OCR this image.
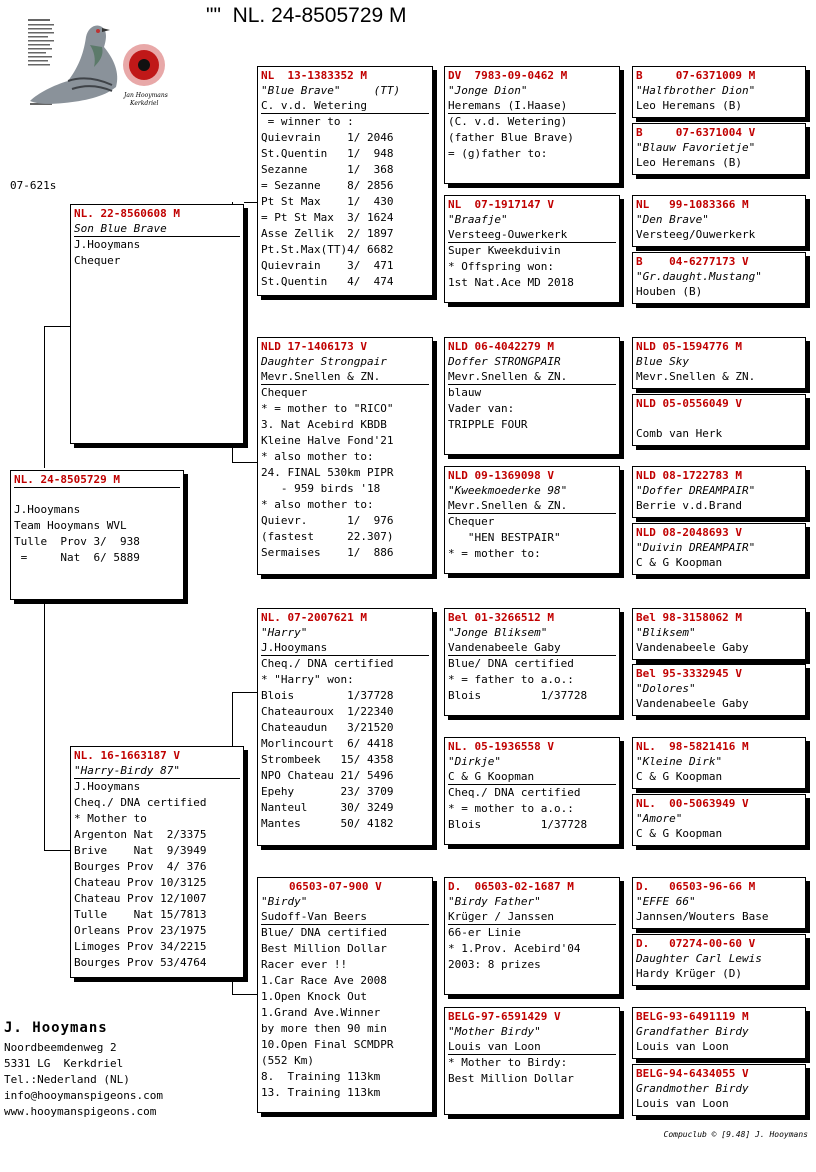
""  NL. 24-8505729 M
Jan Hooymans
Kerkdriel
07-621s
NL. 24-8505729 M
J.Hooymans
Team Hooymans WVL
Tulle  Prov 3/  938
=     Nat  6/ 5889
NL. 22-8560608 M
Son Blue Brave
J.Hooymans
Chequer
NL. 16-1663187 V
"Harry-Birdy 87"
J.Hooymans
Cheq./ DNA certified
* Mother to
Argenton Nat  2/3375
Brive    Nat  9/3949
Bourges Prov  4/ 376
Chateau Prov 10/3125
Chateau Prov 12/1007
Tulle    Nat 15/7813
Orleans Prov 23/1975
Limoges Prov 34/2215
Bourges Prov 53/4764
NL  13-1383352 M
"Blue Brave"     (TT)
C. v.d. Wetering
= winner to :
Quievrain    1/ 2046
St.Quentin   1/  948
Sezanne      1/  368
= Sezanne    8/ 2856
Pt St Max    1/  430
= Pt St Max  3/ 1624
Asse Zellik  2/ 1897
Pt.St.Max(TT)4/ 6682
Quievrain    3/  471
St.Quentin   4/  474
NLD 17-1406173 V
Daughter Strongpair
Mevr.Snellen & ZN.
Chequer
* = mother to "RICO"
3. Nat Acebird KBDB
Kleine Halve Fond'21
* also mother to:
24. FINAL 530km PIPR
- 959 birds '18
* also mother to:
Quievr.      1/  976
(fastest     22.307)
Sermaises    1/  886
NL. 07-2007621 M
"Harry"
J.Hooymans
Cheq./ DNA certified
* "Harry" won:
Blois        1/37728
Chateauroux  1/22340
Chateaudun   3/21520
Morlincourt  6/ 4418
Strombeek   15/ 4358
NPO Chateau 21/ 5496
Epehy       23/ 3709
Nanteul     30/ 3249
Mantes      50/ 4182
06503-07-900 V
"Birdy"
Sudoff-Van Beers
Blue/ DNA certified
Best Million Dollar
Racer ever !!
1.Car Race Ave 2008
1.Open Knock Out
1.Grand Ave.Winner
by more then 90 min
10.Open Final SCMDPR
(552 Km)
8.  Training 113km
13. Training 113km
DV  7983-09-0462 M
"Jonge Dion"
Heremans (I.Haase)
(C. v.d. Wetering)
(father Blue Brave)
= (g)father to:
NL  07-1917147 V
"Braafje"
Versteeg-Ouwerkerk
Super Kweekduivin
* Offspring won:
1st Nat.Ace MD 2018
NLD 06-4042279 M
Doffer STRONGPAIR
Mevr.Snellen & ZN.
blauw
Vader van:
TRIPPLE FOUR
NLD 09-1369098 V
"Kweekmoederke 98"
Mevr.Snellen & ZN.
Chequer
"HEN BESTPAIR"
* = mother to:
Bel 01-3266512 M
"Jonge Bliksem"
Vandenabeele Gaby
Blue/ DNA certified
* = father to a.o.:
Blois         1/37728
NL. 05-1936558 V
"Dirkje"
C & G Koopman
Cheq./ DNA certified
* = mother to a.o.:
Blois         1/37728
D.  06503-02-1687 M
"Birdy Father"
Krüger / Janssen
66-er Linie
* 1.Prov. Acebird'04
2003: 8 prizes
BELG-97-6591429 V
"Mother Birdy"
Louis van Loon
* Mother to Birdy:
Best Million Dollar
B     07-6371009 M
"Halfbrother Dion"
Leo Heremans (B)
B     07-6371004 V
"Blauw Favorietje"
Leo Heremans (B)
NL   99-1083366 M
"Den Brave"
Versteeg/Ouwerkerk
B    04-6277173 V
"Gr.daught.Mustang"
Houben (B)
NLD 05-1594776 M
Blue Sky
Mevr.Snellen & ZN.
NLD 05-0556049 V
Comb van Herk
NLD 08-1722783 M
"Doffer DREAMPAIR"
Berrie v.d.Brand
NLD 08-2048693 V
"Duivin DREAMPAIR"
C & G Koopman
Bel 98-3158062 M
"Bliksem"
Vandenabeele Gaby
Bel 95-3332945 V
"Dolores"
Vandenabeele Gaby
NL.  98-5821416 M
"Kleine Dirk"
C & G Koopman
NL.  00-5063949 V
"Amore"
C & G Koopman
D.   06503-96-66 M
"EFFE 66"
Jannsen/Wouters Base
D.   07274-00-60 V
Daughter Carl Lewis
Hardy Krüger (D)
BELG-93-6491119 M
Grandfather Birdy
Louis van Loon
BELG-94-6434055 V
Grandmother Birdy
Louis van Loon
J. Hooymans
Noordbeemdenweg 2
5331 LG  Kerkdriel
Tel.:Nederland (NL)
info@hooymanspigeons.com
www.hooymanspigeons.com
Compuclub © [9.48] J. Hooymans
